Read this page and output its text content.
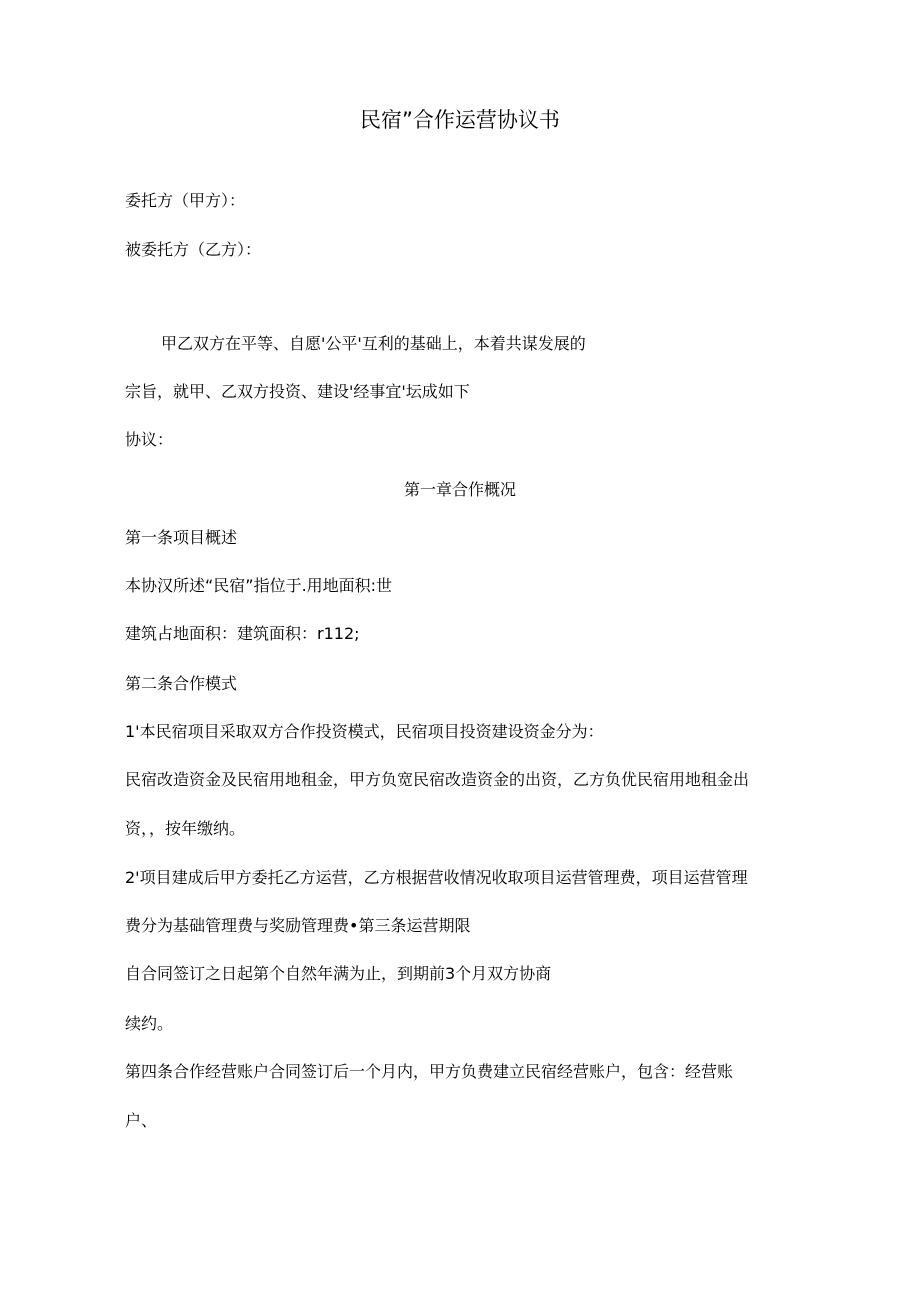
民宿”合作运营协议书
委托方（甲方）：
被委托方（乙方）：
甲乙双方在平等、自愿'公平'互利的基础上，本着共谋发展的
宗旨，就甲、乙双方投资、建设'经事宜'坛成如下
协议：
第一章合作概况
第一条项目概述
本协汉所述“民宿”指位于.用地面积:世
建筑占地面积：建筑面积：r112;
第二条合作模式
1'本民宿项目采取双方合作投资模式，民宿项目投资建设资金分为：
民宿改造资金及民宿用地租金，甲方负宽民宿改造资金的出资，乙方负优民宿用地租金出
资，，按年缴纳。
2'项目建成后甲方委托乙方运营，乙方根据营收情况收取项目运营管理费，项目运营管理
费分为基础管理费与奖励管理费•第三条运营期限
自合同签订之日起第个自然年满为止，到期前3个月双方协商
续约。
第四条合作经营账户合同签订后一个月内，甲方负费建立民宿经营账户，包含：经营账
户、
